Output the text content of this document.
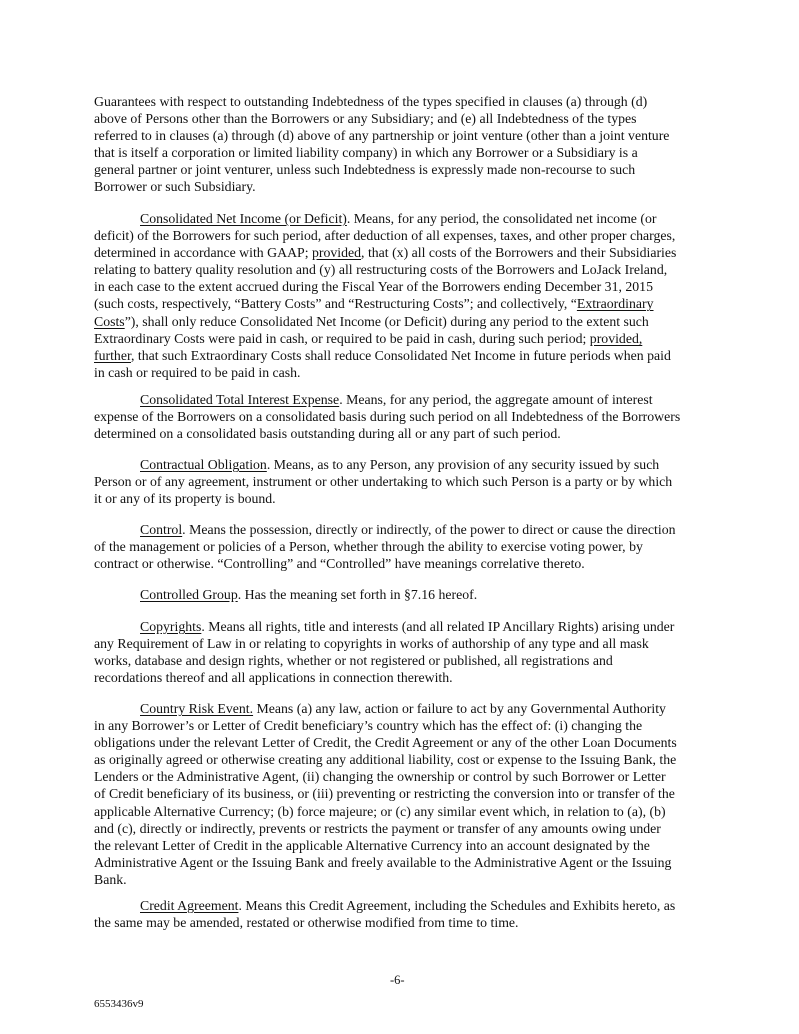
Guarantees with respect to outstanding Indebtedness of the types specified in clauses (a) through (d)
above of Persons other than the Borrowers or any Subsidiary; and (e) all Indebtedness of the types
referred to in clauses (a) through (d) above of any partnership or joint venture (other than a joint venture
that is itself a corporation or limited liability company) in which any Borrower or a Subsidiary is a
general partner or joint venturer, unless such Indebtedness is expressly made non-recourse to such
Borrower or such Subsidiary.
Consolidated Net Income (or Deficit). Means, for any period, the consolidated net income (or
deficit) of the Borrowers for such period, after deduction of all expenses, taxes, and other proper charges,
determined in accordance with GAAP; provided, that (x) all costs of the Borrowers and their Subsidiaries
relating to battery quality resolution and (y) all restructuring costs of the Borrowers and LoJack Ireland,
in each case to the extent accrued during the Fiscal Year of the Borrowers ending December 31, 2015
(such costs, respectively, “Battery Costs” and “Restructuring Costs”; and collectively, “Extraordinary
Costs”), shall only reduce Consolidated Net Income (or Deficit) during any period to the extent such
Extraordinary Costs were paid in cash, or required to be paid in cash, during such period; provided,
further, that such Extraordinary Costs shall reduce Consolidated Net Income in future periods when paid
in cash or required to be paid in cash.
Consolidated Total Interest Expense. Means, for any period, the aggregate amount of interest
expense of the Borrowers on a consolidated basis during such period on all Indebtedness of the Borrowers
determined on a consolidated basis outstanding during all or any part of such period.
Contractual Obligation. Means, as to any Person, any provision of any security issued by such
Person or of any agreement, instrument or other undertaking to which such Person is a party or by which
it or any of its property is bound.
Control. Means the possession, directly or indirectly, of the power to direct or cause the direction
of the management or policies of a Person, whether through the ability to exercise voting power, by
contract or otherwise. “Controlling” and “Controlled” have meanings correlative thereto.
Controlled Group. Has the meaning set forth in §7.16 hereof.
Copyrights. Means all rights, title and interests (and all related IP Ancillary Rights) arising under
any Requirement of Law in or relating to copyrights in works of authorship of any type and all mask
works, database and design rights, whether or not registered or published, all registrations and
recordations thereof and all applications in connection therewith.
Country Risk Event. Means (a) any law, action or failure to act by any Governmental Authority
in any Borrower’s or Letter of Credit beneficiary’s country which has the effect of: (i) changing the
obligations under the relevant Letter of Credit, the Credit Agreement or any of the other Loan Documents
as originally agreed or otherwise creating any additional liability, cost or expense to the Issuing Bank, the
Lenders or the Administrative Agent, (ii) changing the ownership or control by such Borrower or Letter
of Credit beneficiary of its business, or (iii) preventing or restricting the conversion into or transfer of the
applicable Alternative Currency; (b) force majeure; or (c) any similar event which, in relation to (a), (b)
and (c), directly or indirectly, prevents or restricts the payment or transfer of any amounts owing under
the relevant Letter of Credit in the applicable Alternative Currency into an account designated by the
Administrative Agent or the Issuing Bank and freely available to the Administrative Agent or the Issuing
Bank.
Credit Agreement. Means this Credit Agreement, including the Schedules and Exhibits hereto, as
the same may be amended, restated or otherwise modified from time to time.
-6-
6553436v9
